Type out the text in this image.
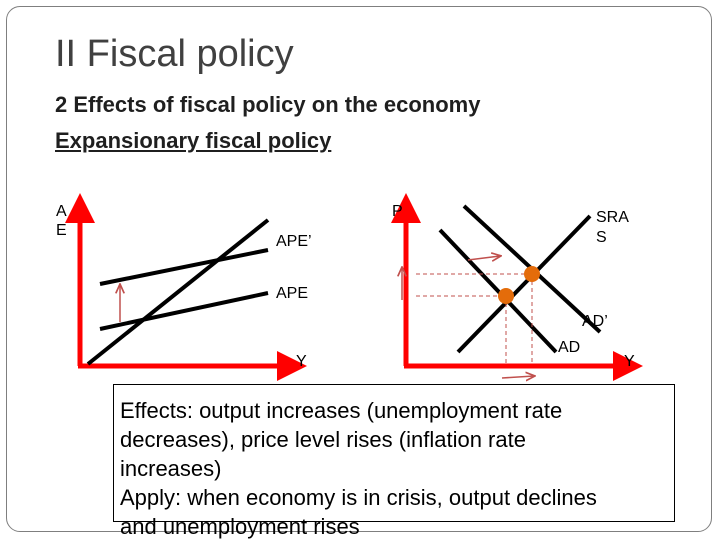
II Fiscal policy

2 Effects of fiscal policy on the economy

Expansionary fiscal policy

A
E
APE’
APE
Y
P	SRA
S
AD’
AD
Y

Effects: output increases (unemployment rate
decreases), price level rises (inflation rate
increases)
Apply: when economy is in crisis, output declines
and unemployment rises
